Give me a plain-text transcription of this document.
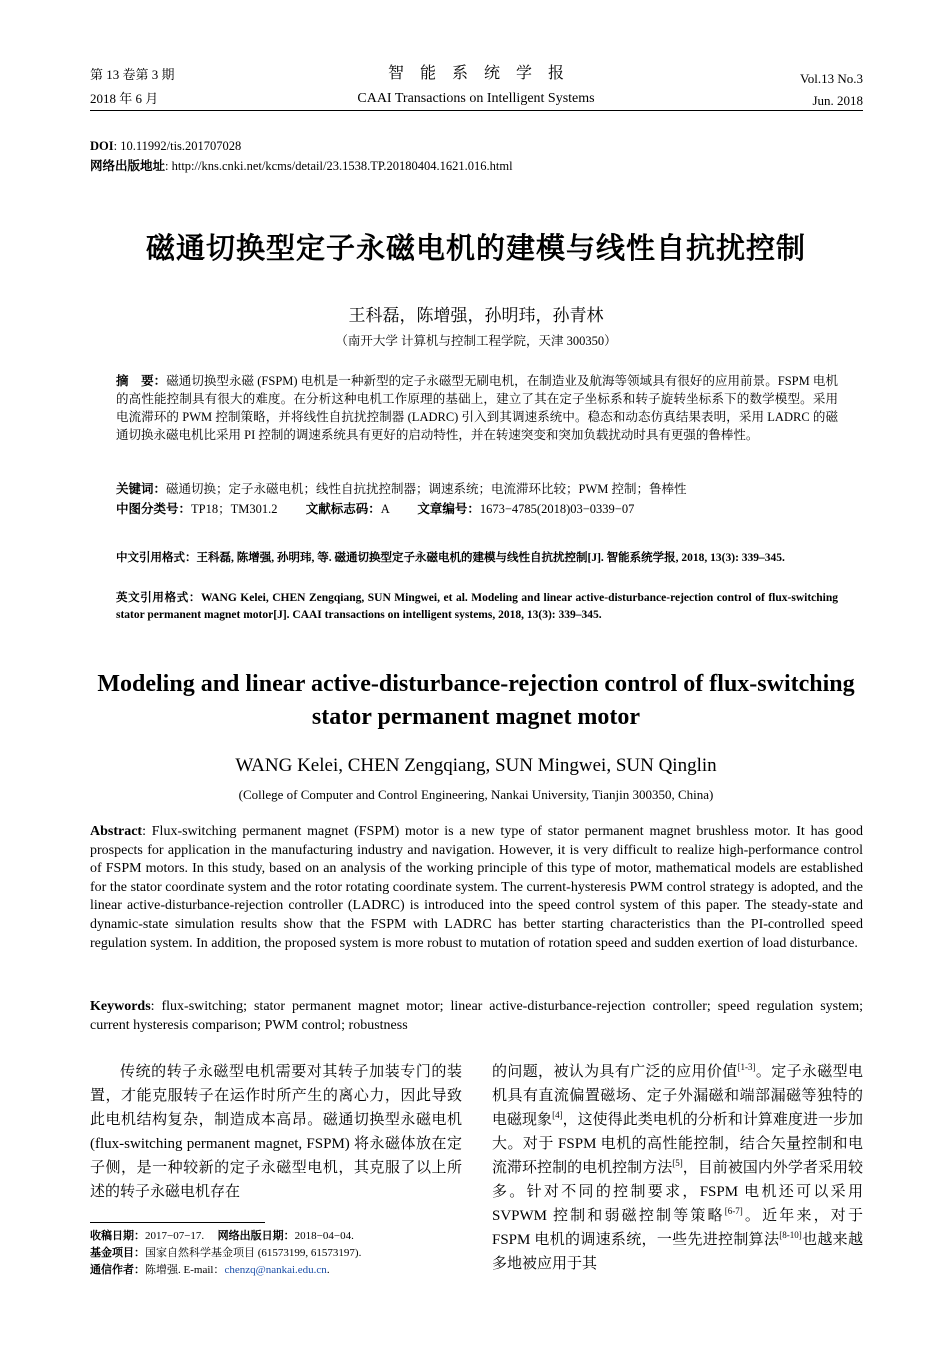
第 13 卷第 3 期
2018 年 6 月
智　能　系　统　学　报
CAAI Transactions on Intelligent Systems
Vol.13 No.3
Jun. 2018
DOI: 10.11992/tis.201707028
网络出版地址: http://kns.cnki.net/kcms/detail/23.1538.TP.20180404.1621.016.html
磁通切换型定子永磁电机的建模与线性自抗扰控制
王科磊，陈增强，孙明玮，孙青林
（南开大学 计算机与控制工程学院，天津 300350）
摘　要：磁通切换型永磁 (FSPM) 电机是一种新型的定子永磁型无刷电机，在制造业及航海等领域具有很好的应用前景。FSPM 电机的高性能控制具有很大的难度。在分析这种电机工作原理的基础上，建立了其在定子坐标系和转子旋转坐标系下的数学模型。采用电流滞环的 PWM 控制策略，并将线性自抗扰控制器 (LADRC) 引入到其调速系统中。稳态和动态仿真结果表明，采用 LADRC 的磁通切换永磁电机比采用 PI 控制的调速系统具有更好的启动特性，并在转速突变和突加负载扰动时具有更强的鲁棒性。
关键词：磁通切换；定子永磁电机；线性自抗扰控制器；调速系统；电流滞环比较；PWM 控制；鲁棒性
中图分类号：TP18；TM301.2 文献标志码：A 文章编号：1673−4785(2018)03−0339−07
中文引用格式：王科磊, 陈增强, 孙明玮, 等. 磁通切换型定子永磁电机的建模与线性自抗扰控制[J]. 智能系统学报, 2018, 13(3): 339–345.
英文引用格式：WANG Kelei, CHEN Zengqiang, SUN Mingwei, et al. Modeling and linear active-disturbance-rejection control of flux-switching stator permanent magnet motor[J]. CAAI transactions on intelligent systems, 2018, 13(3): 339–345.
Modeling and linear active-disturbance-rejection control of flux-switching stator permanent magnet motor
WANG Kelei, CHEN Zengqiang, SUN Mingwei, SUN Qinglin
(College of Computer and Control Engineering, Nankai University, Tianjin 300350, China)
Abstract: Flux-switching permanent magnet (FSPM) motor is a new type of stator permanent magnet brushless motor. It has good prospects for application in the manufacturing industry and navigation. However, it is very difficult to realize high-performance control of FSPM motors. In this study, based on an analysis of the working principle of this type of motor, mathematical models are established for the stator coordinate system and the rotor rotating coordinate system. The current-hysteresis PWM control strategy is adopted, and the linear active-disturbance-rejection controller (LADRC) is introduced into the speed control system of this paper. The steady-state and dynamic-state simulation results show that the FSPM with LADRC has better starting characteristics than the PI-controlled speed regulation system. In addition, the proposed system is more robust to mutation of rotation speed and sudden exertion of load disturbance.
Keywords: flux-switching; stator permanent magnet motor; linear active-disturbance-rejection controller; speed regulation system; current hysteresis comparison; PWM control; robustness
传统的转子永磁型电机需要对其转子加装专门的装置，才能克服转子在运作时所产生的离心力，因此导致此电机结构复杂，制造成本高昂。磁通切换型永磁电机 (flux-switching permanent magnet, FSPM) 将永磁体放在定子侧，是一种较新的定子永磁型电机，其克服了以上所述的转子永磁电机存在
的问题，被认为具有广泛的应用价值[1-3]。定子永磁型电机具有直流偏置磁场、定子外漏磁和端部漏磁等独特的电磁现象[4]，这使得此类电机的分析和计算难度进一步加大。对于 FSPM 电机的高性能控制，结合矢量控制和电流滞环控制的电机控制方法[5]，目前被国内外学者采用较多。针对不同的控制要求，FSPM 电机还可以采用 SVPWM 控制和弱磁控制等策略[6-7]。近年来，对于 FSPM 电机的调速系统，一些先进控制算法[8-10]也越来越多地被应用于其
收稿日期：2017−07−17. 网络出版日期：2018−04−04.
基金项目：国家自然科学基金项目 (61573199, 61573197).
通信作者：陈增强. E-mail：chenzq@nankai.edu.cn.
